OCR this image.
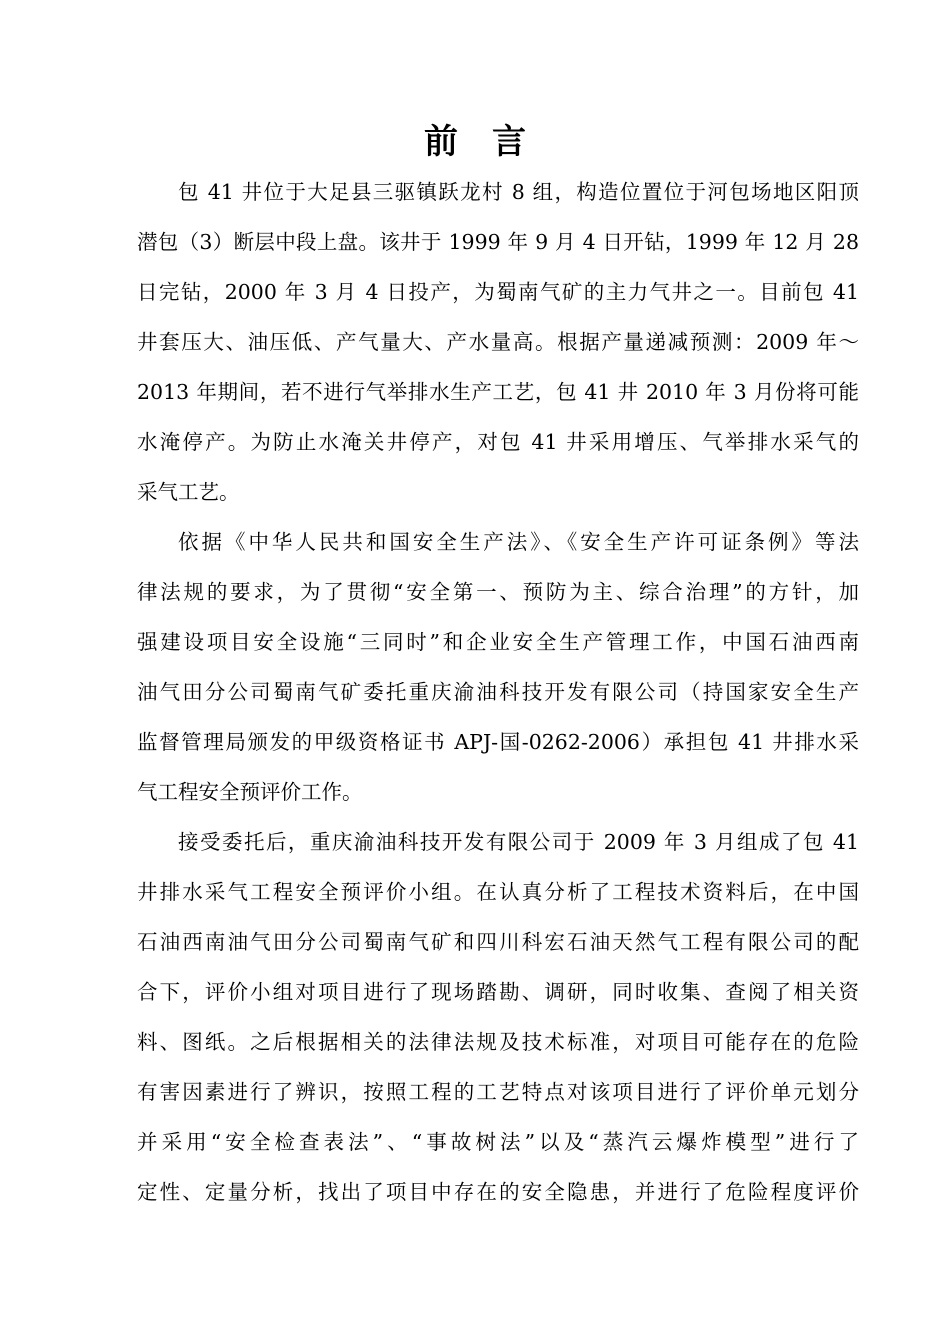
前 言
包 41 井位于大足县三驱镇跃龙村 8 组，构造位置位于河包场地区阳顶
潜包（3）断层中段上盘。该井于 1999 年 9 月 4 日开钻，1999 年 12 月 28
日完钻，2000 年 3 月 4 日投产，为蜀南气矿的主力气井之一。目前包 41
井套压大、油压低、产气量大、产水量高。根据产量递减预测：2009 年～
2013 年期间，若不进行气举排水生产工艺，包 41 井 2010 年 3 月份将可能
水淹停产。为防止水淹关井停产，对包 41 井采用增压、气举排水采气的
采气工艺。
依据《中华人民共和国安全生产法》、《安全生产许可证条例》等法
律法规的要求，为了贯彻“安全第一、预防为主、综合治理”的方针，加
强建设项目安全设施“三同时”和企业安全生产管理工作，中国石油西南
油气田分公司蜀南气矿委托重庆渝油科技开发有限公司（持国家安全生产
监督管理局颁发的甲级资格证书 APJ-国-0262-2006）承担包 41 井排水采
气工程安全预评价工作。
接受委托后，重庆渝油科技开发有限公司于 2009 年 3 月组成了包 41
井排水采气工程安全预评价小组。在认真分析了工程技术资料后，在中国
石油西南油气田分公司蜀南气矿和四川科宏石油天然气工程有限公司的配
合下，评价小组对项目进行了现场踏勘、调研，同时收集、查阅了相关资
料、图纸。之后根据相关的法律法规及技术标准，对项目可能存在的危险
有害因素进行了辨识，按照工程的工艺特点对该项目进行了评价单元划分
并采用“安全检查表法”、“事故树法”以及“蒸汽云爆炸模型”进行了
定性、定量分析，找出了项目中存在的安全隐患，并进行了危险程度评价
